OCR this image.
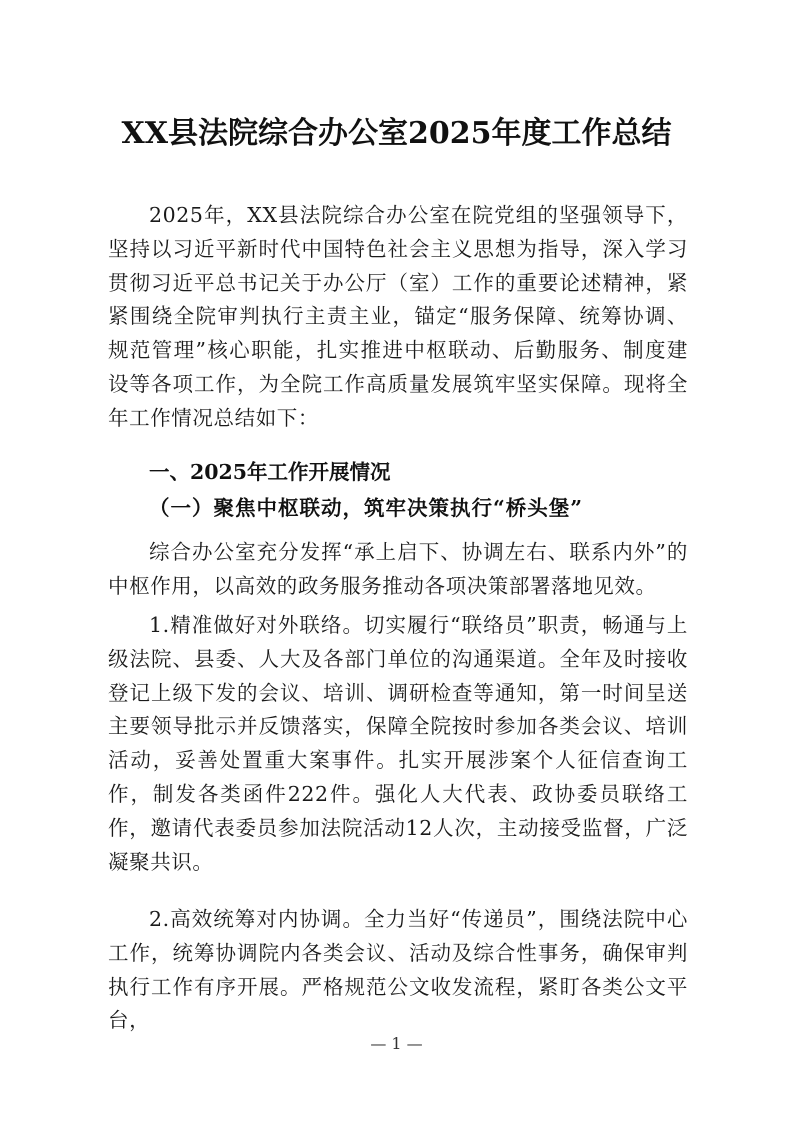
XX县法院综合办公室2025年度工作总结
2025年，XX县法院综合办公室在院党组的坚强领导下，坚持以习近平新时代中国特色社会主义思想为指导，深入学习贯彻习近平总书记关于办公厅（室）工作的重要论述精神，紧紧围绕全院审判执行主责主业，锚定“服务保障、统筹协调、规范管理”核心职能，扎实推进中枢联动、后勤服务、制度建设等各项工作，为全院工作高质量发展筑牢坚实保障。现将全年工作情况总结如下：
一、2025年工作开展情况
（一）聚焦中枢联动，筑牢决策执行“桥头堡”
综合办公室充分发挥“承上启下、协调左右、联系内外”的中枢作用，以高效的政务服务推动各项决策部署落地见效。
1.精准做好对外联络。切实履行“联络员”职责，畅通与上级法院、县委、人大及各部门单位的沟通渠道。全年及时接收登记上级下发的会议、培训、调研检查等通知，第一时间呈送主要领导批示并反馈落实，保障全院按时参加各类会议、培训活动，妥善处置重大案事件。扎实开展涉案个人征信查询工作，制发各类函件222件。强化人大代表、政协委员联络工作，邀请代表委员参加法院活动12人次，主动接受监督，广泛凝聚共识。
2.高效统筹对内协调。全力当好“传递员”，围绕法院中心工作，统筹协调院内各类会议、活动及综合性事务，确保审判执行工作有序开展。严格规范公文收发流程，紧盯各类公文平台，
— 1 —
